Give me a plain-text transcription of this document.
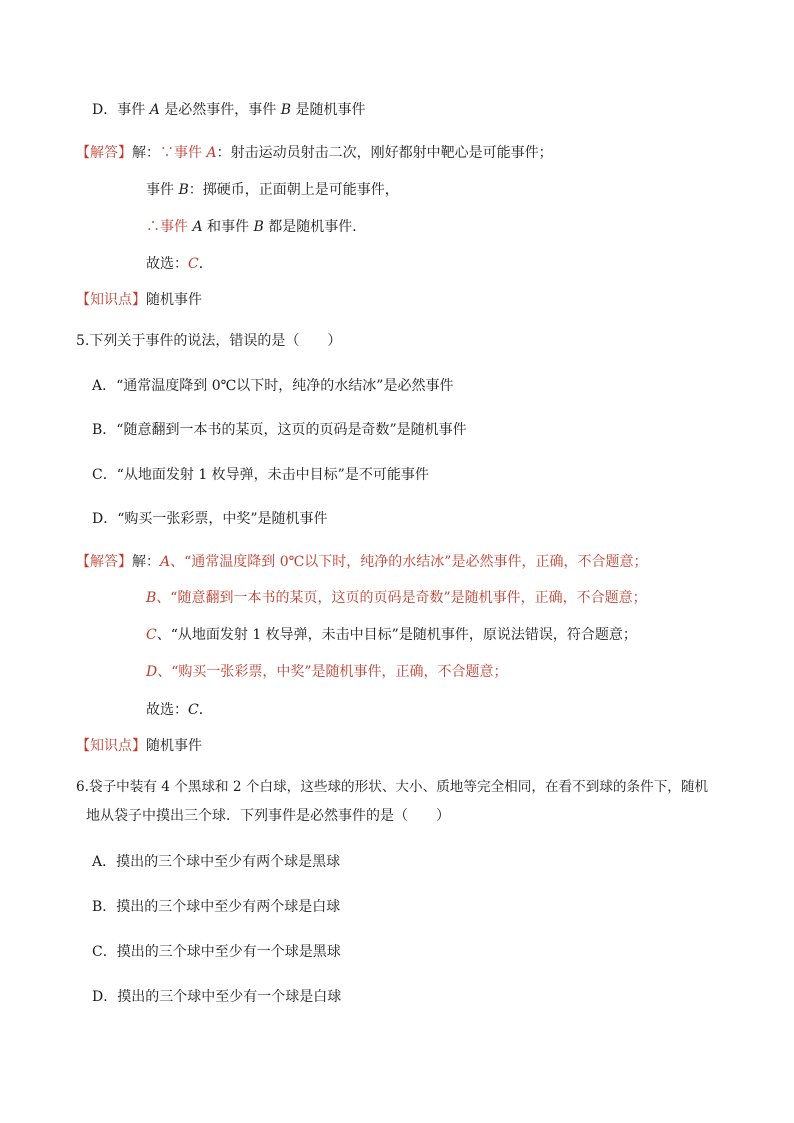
D．事件 A 是必然事件，事件 B 是随机事件
【解答】解：∵事件 A：射击运动员射击二次，刚好都射中靶心是可能事件；
事件 B：掷硬币，正面朝上是可能事件，
∴事件 A 和事件 B 都是随机事件．
故选：C．
【知识点】随机事件
5.下列关于事件的说法，错误的是（　　）
A．“通常温度降到 0℃以下时，纯净的水结冰”是必然事件
B．“随意翻到一本书的某页，这页的页码是奇数”是随机事件
C．“从地面发射 1 枚导弹，未击中目标”是不可能事件
D．“购买一张彩票，中奖”是随机事件
【解答】解：A、“通常温度降到 0℃以下时，纯净的水结冰”是必然事件，正确，不合题意；
B、“随意翻到一本书的某页，这页的页码是奇数”是随机事件，正确，不合题意；
C、“从地面发射 1 枚导弹，未击中目标”是随机事件，原说法错误，符合题意；
D、“购买一张彩票，中奖”是随机事件，正确，不合题意；
故选：C．
【知识点】随机事件
6.袋子中装有 4 个黑球和 2 个白球，这些球的形状、大小、质地等完全相同，在看不到球的条件下，随机
地从袋子中摸出三个球．下列事件是必然事件的是（　　）
A．摸出的三个球中至少有两个球是黑球
B．摸出的三个球中至少有两个球是白球
C．摸出的三个球中至少有一个球是黑球
D．摸出的三个球中至少有一个球是白球
